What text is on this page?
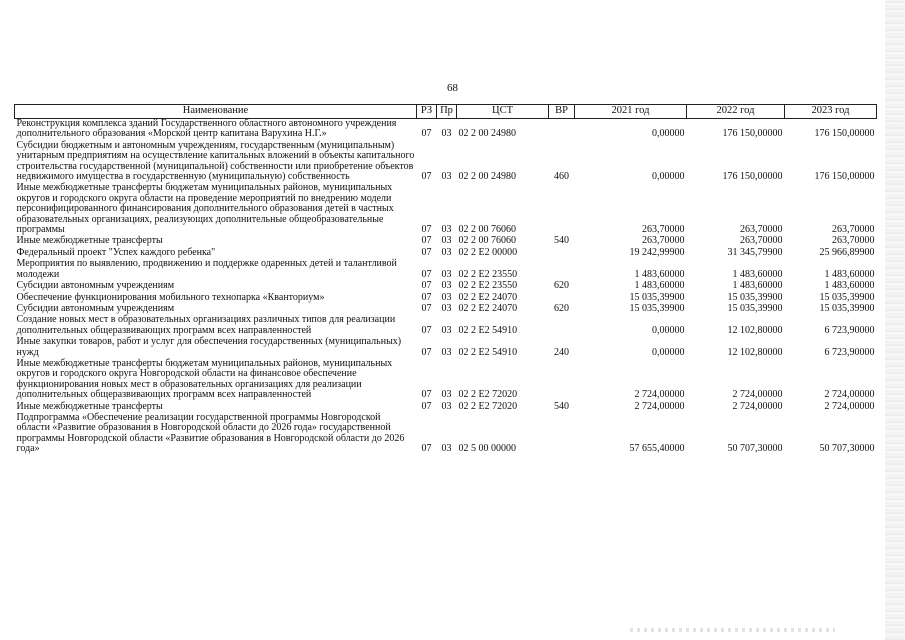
68
Наименование	РЗ	Пр	ЦСТ	ВР	2021 год	2022 год	2023 год
Реконструкция комплекса зданий Государственного областного автономного учреждения дополнительного образования «Морской центр капитана Варухина Н.Г.»	07	03	02 2 00 24980		0,00000	176 150,00000	176 150,00000
Субсидии бюджетным и автономным учреждениям, государственным (муниципальным) унитарным предприятиям на осуществление капитальных вложений в объекты капитального строительства государственной (муниципальной) собственности или приобретение объектов недвижимого имущества в государственную (муниципальную) собственность	07	03	02 2 00 24980	460	0,00000	176 150,00000	176 150,00000
Иные межбюджетные трансферты бюджетам муниципальных районов, муниципальных округов и городского округа области на проведение мероприятий по внедрению модели персонифицированного финансирования дополнительного образования детей в частных образовательных организациях, реализующих дополнительные общеобразовательные программы	07	03	02 2 00 76060		263,70000	263,70000	263,70000
Иные межбюджетные трансферты	07	03	02 2 00 76060	540	263,70000	263,70000	263,70000
Федеральный проект "Успех каждого ребенка"	07	03	02 2 E2 00000		19 242,99900	31 345,79900	25 966,89900
Мероприятия по выявлению, продвижению и поддержке одаренных детей и талантливой молодежи	07	03	02 2 E2 23550		1 483,60000	1 483,60000	1 483,60000
Субсидии автономным учреждениям	07	03	02 2 E2 23550	620	1 483,60000	1 483,60000	1 483,60000
Обеспечение функционирования мобильного технопарка «Кванториум»	07	03	02 2 E2 24070		15 035,39900	15 035,39900	15 035,39900
Субсидии автономным учреждениям	07	03	02 2 E2 24070	620	15 035,39900	15 035,39900	15 035,39900
Создание новых мест в образовательных организациях различных типов для реализации дополнительных общеразвивающих программ всех направленностей	07	03	02 2 E2 54910		0,00000	12 102,80000	6 723,90000
Иные закупки товаров, работ и услуг для обеспечения государственных (муниципальных) нужд	07	03	02 2 E2 54910	240	0,00000	12 102,80000	6 723,90000
Иные межбюджетные трансферты бюджетам муниципальных районов, муниципальных округов и городского округа Новгородской области на финансовое обеспечение функционирования новых мест в образовательных организациях для реализации дополнительных общеразвивающих программ всех направленностей	07	03	02 2 E2 72020		2 724,00000	2 724,00000	2 724,00000
Иные межбюджетные трансферты	07	03	02 2 E2 72020	540	2 724,00000	2 724,00000	2 724,00000
Подпрограмма «Обеспечение реализации государственной программы Новгородской области «Развитие образования в Новгородской области до 2026 года» государственной программы Новгородской области «Развитие образования в Новгородской области до 2026 года»	07	03	02 5 00 00000		57 655,40000	50 707,30000	50 707,30000
